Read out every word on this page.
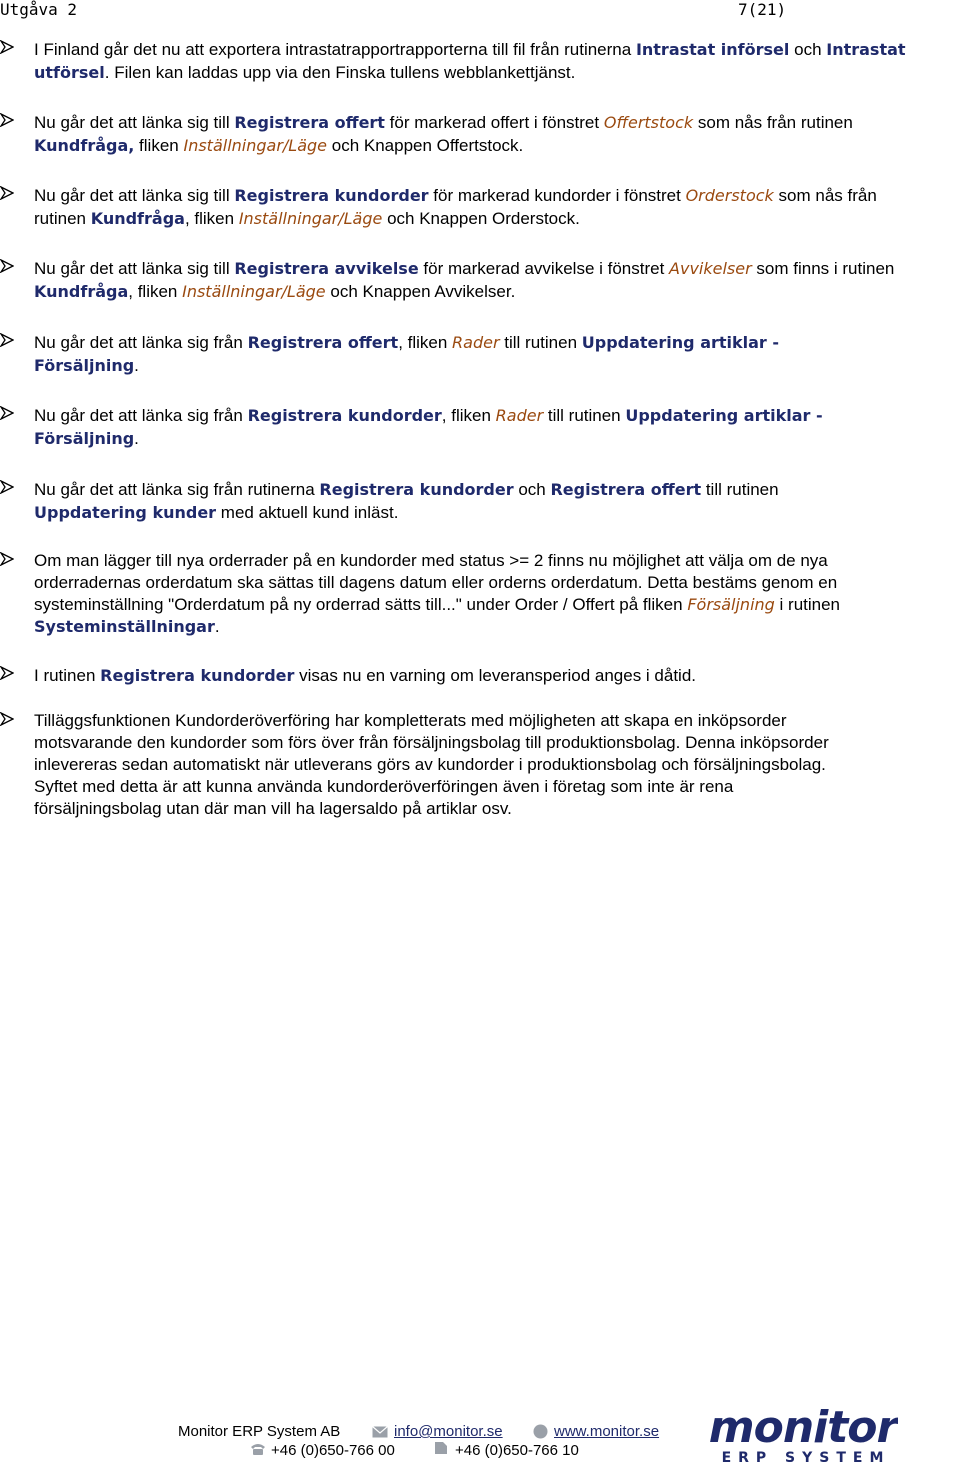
Utgåva 2	7(21)
I Finland går det nu att exportera intrastatrapportrapporterna till fil från rutinerna Intrastat införsel och Intrastat utförsel. Filen kan laddas upp via den Finska tullens webblankettjänst.
Nu går det att länka sig till Registrera offert för markerad offert i fönstret Offertstock som nås från rutinen Kundfråga, fliken Inställningar/Läge och Knappen Offertstock.
Nu går det att länka sig till Registrera kundorder för markerad kundorder i fönstret Orderstock som nås från rutinen Kundfråga, fliken Inställningar/Läge och Knappen Orderstock.
Nu går det att länka sig till Registrera avvikelse för markerad avvikelse i fönstret Avvikelser som finns i rutinen Kundfråga, fliken Inställningar/Läge och Knappen Avvikelser.
Nu går det att länka sig från Registrera offert, fliken Rader till rutinen Uppdatering artiklar - Försäljning.
Nu går det att länka sig från Registrera kundorder, fliken Rader till rutinen Uppdatering artiklar - Försäljning.
Nu går det att länka sig från rutinerna Registrera kundorder och Registrera offert till rutinen Uppdatering kunder med aktuell kund inläst.
Om man lägger till nya orderrader på en kundorder med status >= 2 finns nu möjlighet att välja om de nya orderradernas orderdatum ska sättas till dagens datum eller orderns orderdatum. Detta bestäms genom en systeminställning "Orderdatum på ny orderrad sätts till..." under Order / Offert på fliken Försäljning i rutinen Systeminställningar.
I rutinen Registrera kundorder visas nu en varning om leveransperiod anges i dåtid.
Tilläggsfunktionen Kundorderöverföring har kompletterats med möjligheten att skapa en inköpsorder motsvarande den kundorder som förs över från försäljningsbolag till produktionsbolag. Denna inköpsorder inlevereras sedan automatiskt när utleverans görs av kundorder i produktionsbolag och försäljningsbolag. Syftet med detta är att kunna använda kundorderöverföringen även i företag som inte är rena försäljningsbolag utan där man vill ha lagersaldo på artiklar osv.
Monitor ERP System AB	info@monitor.se	www.monitor.se
+46 (0)650-766 00	+46 (0)650-766 10	monitor
ERP SYSTEM
